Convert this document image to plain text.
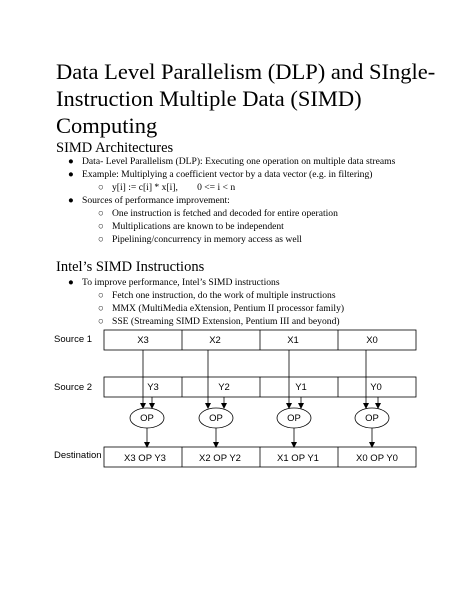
Data Level Parallelism (DLP) and SIngle-Instruction Multiple Data (SIMD) Computing
SIMD Architectures
● Data- Level Parallelism (DLP): Executing one operation on multiple data streams
● Example: Multiplying a coefficient vector by a data vector (e.g. in filtering)
○ y[i] := c[i] * x[i],        0 <= i < n
● Sources of performance improvement:
○ One instruction is fetched and decoded for entire operation
○ Multiplications are known to be independent
○ Pipelining/concurrency in memory access as well
Intel’s SIMD Instructions
● To improve performance, Intel’s SIMD instructions
○ Fetch one instruction, do the work of multiple instructions
○ MMX (MultiMedia eXtension, Pentium II processor family)
○ SSE (Streaming SIMD Extension, Pentium III and beyond)
Source 1
Source 2
Destination
X3	X2	X1	X0
Y3	Y2	Y1	Y0
OP	OP	OP	OP
X3 OP Y3	X2 OP Y2	X1 OP Y1	X0 OP Y0
